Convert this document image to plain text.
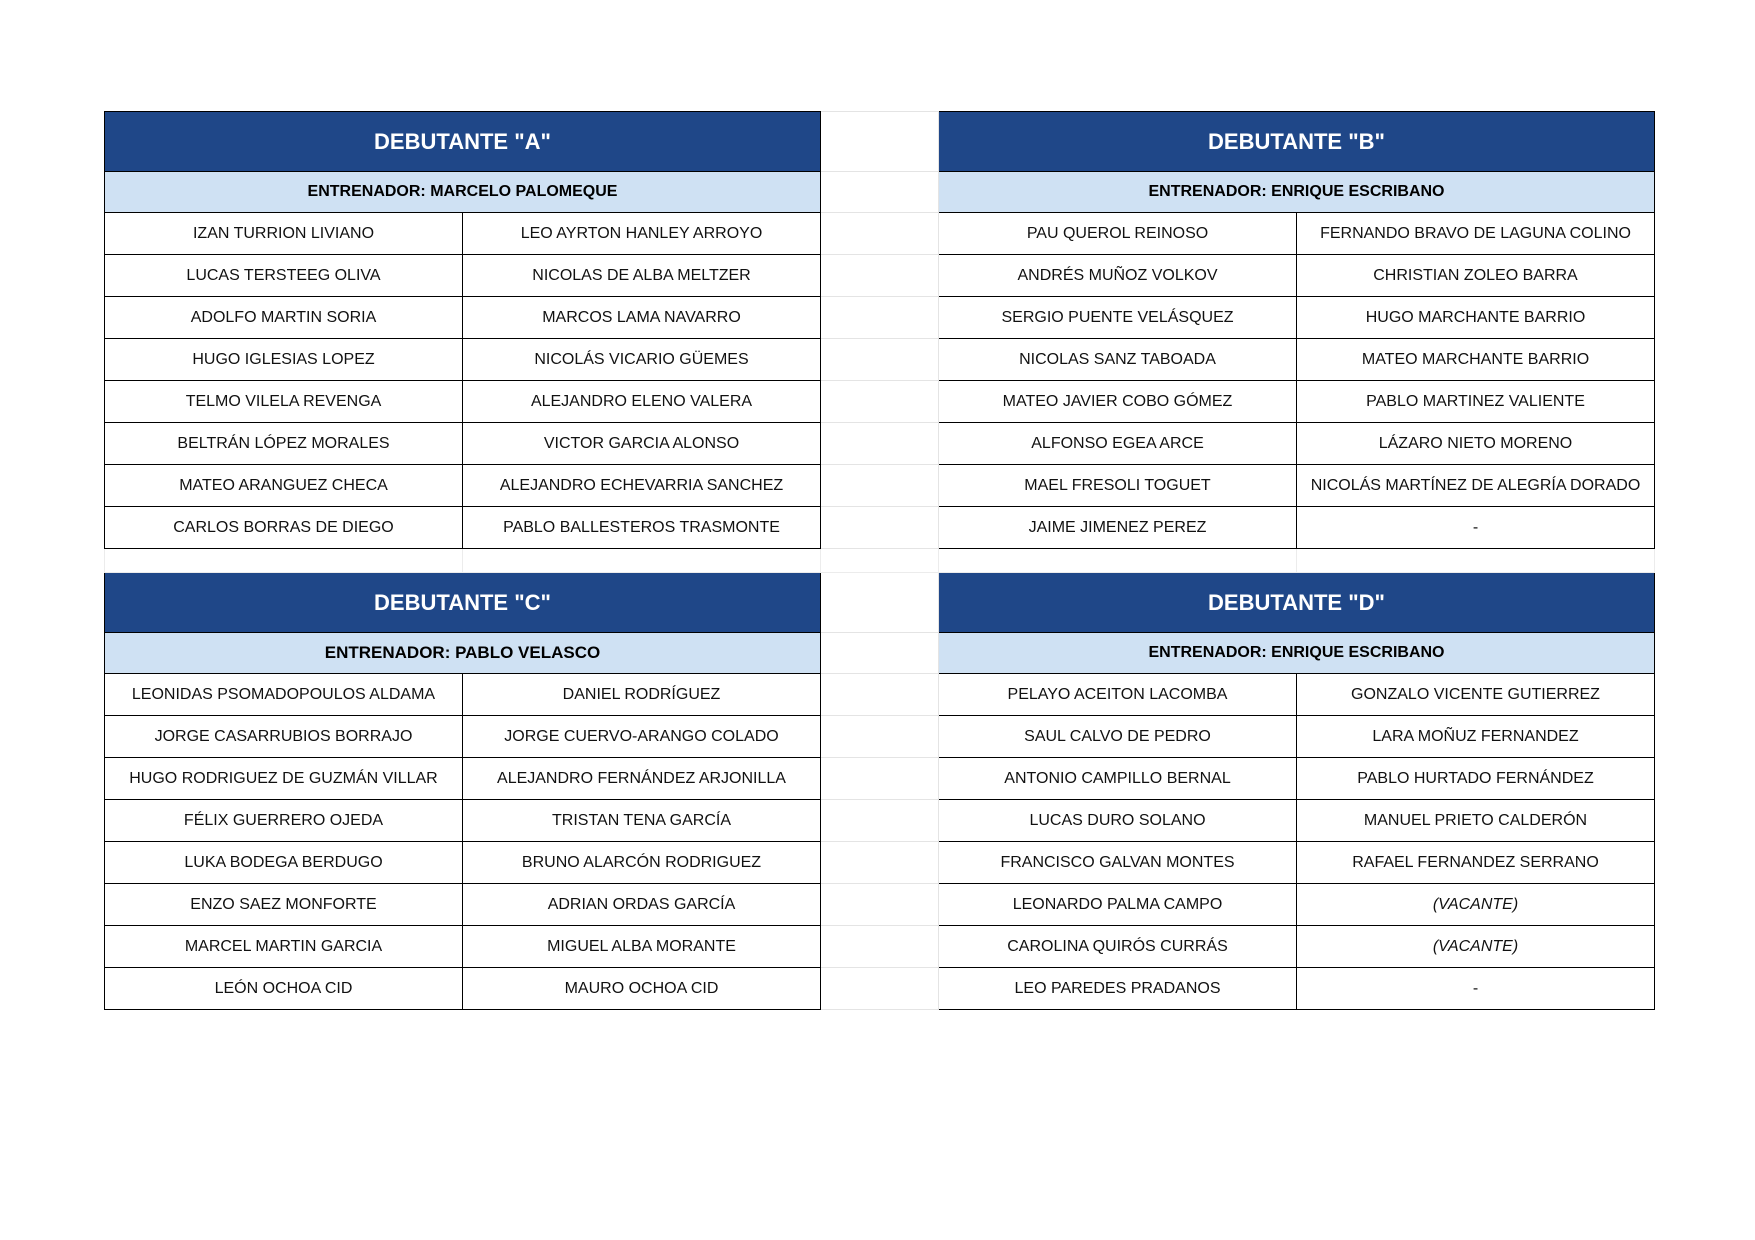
DEBUTANTE "A"			DEBUTANTE "B"	
ENTRENADOR: MARCELO PALOMEQUE			ENTRENADOR: ENRIQUE ESCRIBANO	
IZAN TURRION LIVIANO	LEO AYRTON HANLEY ARROYO		PAU QUEROL REINOSO	FERNANDO BRAVO DE LAGUNA COLINO
LUCAS TERSTEEG OLIVA	NICOLAS DE ALBA MELTZER		ANDRÉS MUÑOZ VOLKOV	CHRISTIAN ZOLEO BARRA
ADOLFO MARTIN SORIA	MARCOS LAMA NAVARRO		SERGIO PUENTE VELÁSQUEZ	HUGO MARCHANTE BARRIO
HUGO IGLESIAS LOPEZ	NICOLÁS VICARIO GÜEMES		NICOLAS SANZ TABOADA	MATEO MARCHANTE BARRIO
TELMO VILELA REVENGA	ALEJANDRO ELENO VALERA		MATEO JAVIER COBO GÓMEZ	PABLO MARTINEZ VALIENTE
BELTRÁN LÓPEZ MORALES	VICTOR GARCIA ALONSO		ALFONSO EGEA ARCE	LÁZARO NIETO MORENO
MATEO ARANGUEZ CHECA	ALEJANDRO ECHEVARRIA SANCHEZ		MAEL FRESOLI TOGUET	NICOLÁS MARTÍNEZ DE ALEGRÍA DORADO
CARLOS BORRAS DE DIEGO	PABLO BALLESTEROS TRASMONTE		JAIME JIMENEZ PEREZ	-

DEBUTANTE "C"			DEBUTANTE "D"	
ENTRENADOR: PABLO VELASCO			ENTRENADOR: ENRIQUE ESCRIBANO	
LEONIDAS PSOMADOPOULOS ALDAMA	DANIEL RODRÍGUEZ		PELAYO ACEITON LACOMBA	GONZALO VICENTE GUTIERREZ
JORGE CASARRUBIOS BORRAJO	JORGE CUERVO-ARANGO COLADO		SAUL CALVO DE PEDRO	LARA MOÑUZ FERNANDEZ
HUGO RODRIGUEZ DE GUZMÁN VILLAR	ALEJANDRO FERNÁNDEZ ARJONILLA		ANTONIO CAMPILLO BERNAL	PABLO HURTADO FERNÁNDEZ
FÉLIX GUERRERO OJEDA	TRISTAN TENA GARCÍA		LUCAS DURO SOLANO	MANUEL PRIETO CALDERÓN
LUKA BODEGA BERDUGO	BRUNO ALARCÓN RODRIGUEZ		FRANCISCO GALVAN MONTES	RAFAEL FERNANDEZ SERRANO
ENZO SAEZ MONFORTE	ADRIAN ORDAS GARCÍA		LEONARDO PALMA CAMPO	(VACANTE)
MARCEL MARTIN GARCIA	MIGUEL ALBA MORANTE		CAROLINA QUIRÓS CURRÁS	(VACANTE)
LEÓN OCHOA CID	MAURO OCHOA CID		LEO PAREDES PRADANOS	-
